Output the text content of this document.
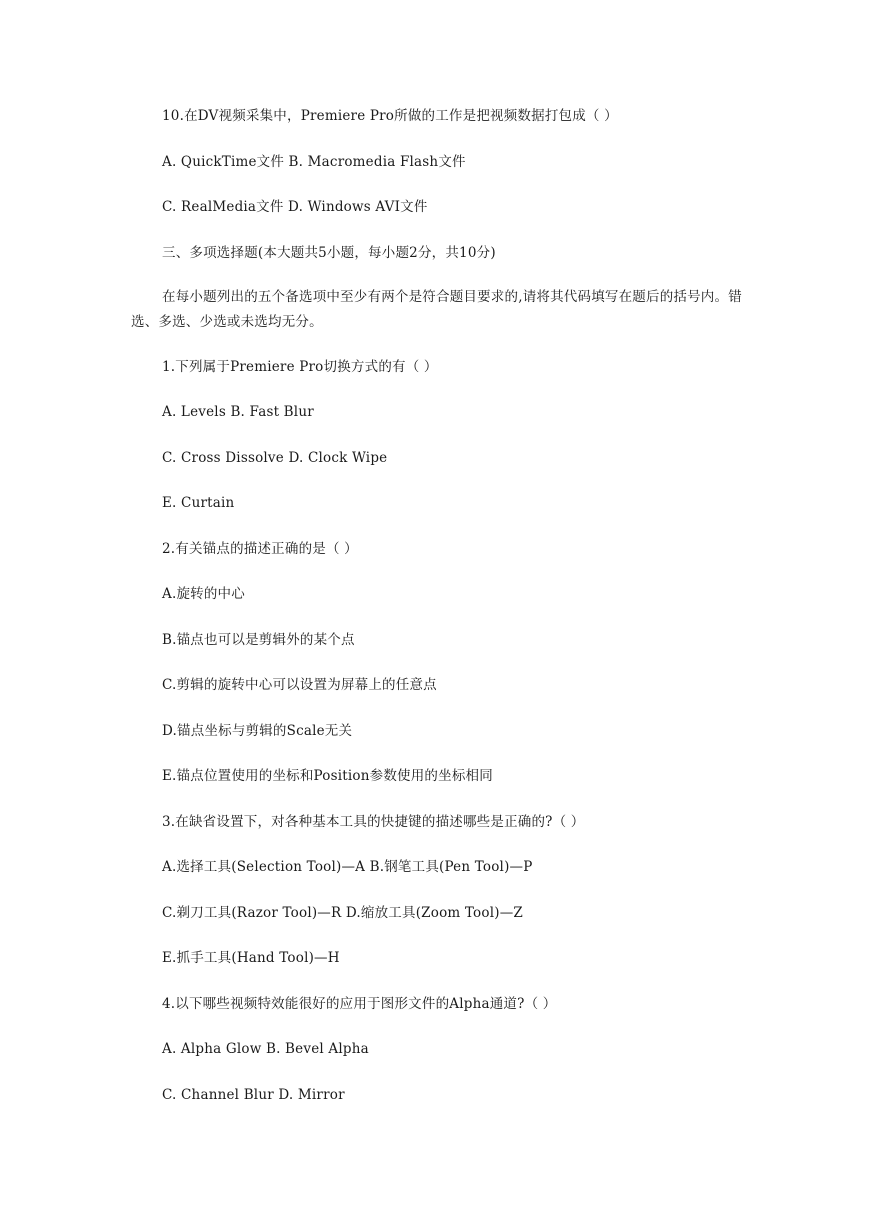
10.在DV视频采集中，Premiere Pro所做的工作是把视频数据打包成（ ）
A. QuickTime文件 B. Macromedia Flash文件
C. RealMedia文件 D. Windows AVI文件
三、多项选择题(本大题共5小题，每小题2分，共10分)
在每小题列出的五个备选项中至少有两个是符合题目要求的,请将其代码填写在题后的括号内。错选、多选、少选或未选均无分。
1.下列属于Premiere Pro切换方式的有（ ）
A. Levels B. Fast Blur
C. Cross Dissolve D. Clock Wipe
E. Curtain
2.有关锚点的描述正确的是（ ）
A.旋转的中心
B.锚点也可以是剪辑外的某个点
C.剪辑的旋转中心可以设置为屏幕上的任意点
D.锚点坐标与剪辑的Scale无关
E.锚点位置使用的坐标和Position参数使用的坐标相同
3.在缺省设置下，对各种基本工具的快捷键的描述哪些是正确的?（ ）
A.选择工具(Selection Tool)—A B.钢笔工具(Pen Tool)—P
C.剃刀工具(Razor Tool)—R D.缩放工具(Zoom Tool)—Z
E.抓手工具(Hand Tool)—H
4.以下哪些视频特效能很好的应用于图形文件的Alpha通道?（ ）
A. Alpha Glow B. Bevel Alpha
C. Channel Blur D. Mirror
